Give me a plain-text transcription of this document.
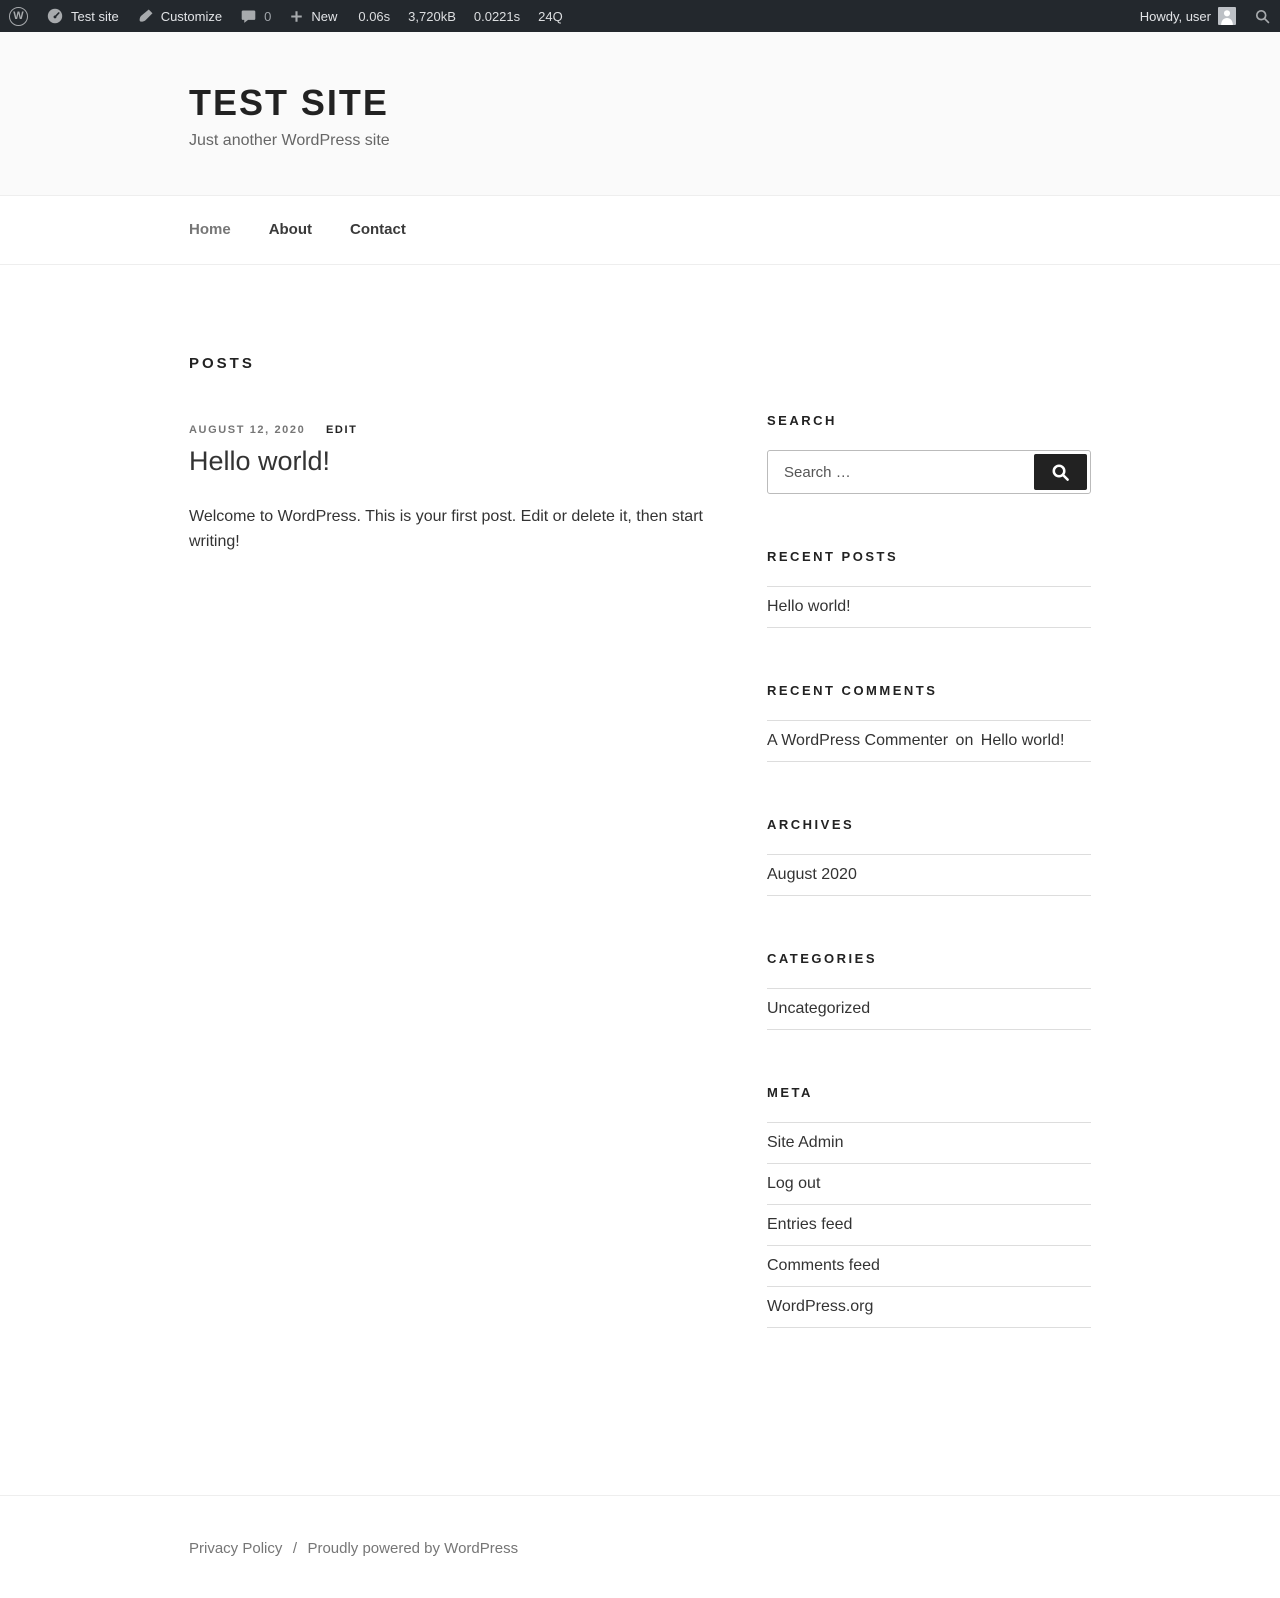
W	Test site	Customize	0	New 0.06s 3,720kB 0.0221s 24Q	Howdy, user
TEST SITE

Just another WordPress site

Home	About	Contact
POSTS
AUGUST 12, 2020 EDIT
Hello world!

Welcome to WordPress. This is your first post. Edit or delete it, then start writing!

SEARCH
Search …
RECENT POSTS
Hello world!
RECENT COMMENTS
A WordPress Commenter on Hello world!
ARCHIVES
August 2020
CATEGORIES
Uncategorized
META
Site Admin
Log out
Entries feed
Comments feed
WordPress.org
Privacy Policy / Proudly powered by WordPress
